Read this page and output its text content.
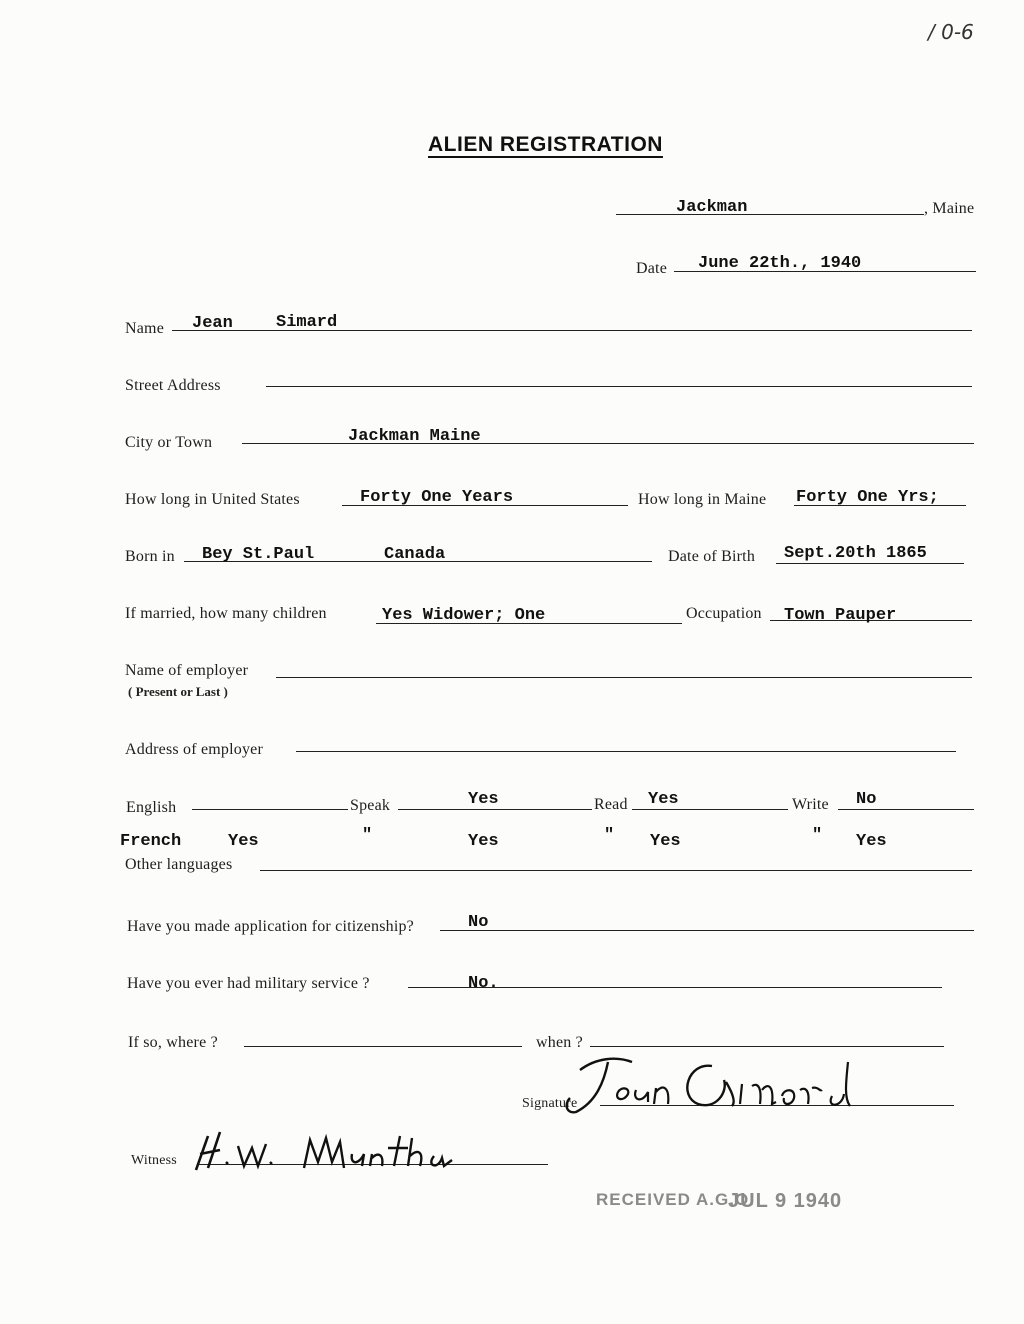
/ 0-6
ALIEN REGISTRATION
Jackman	, Maine
Date June 22th., 1940
Name Jean	Simard
Street Address
City or Town	Jackman Maine
How long in United States	Forty One Years	How long in Maine Forty One Yrs;
Born in Bey St.Paul	Canada	Date of Birth Sept.20th 1865
If married, how many children	Yes Widower; One	Occupation Town Pauper
Name of employer
( Present or Last )
Address of employer
English	Speak	Yes	Read Yes	Write No
French	Yes	"	Yes	" Yes	" Yes
Other languages
Have you made application for citizenship?	No
Have you ever had military service ?	No.
If so, where ?	when ?
Signature
Witness
RECEIVED A.G.O.
JUL 9 1940
